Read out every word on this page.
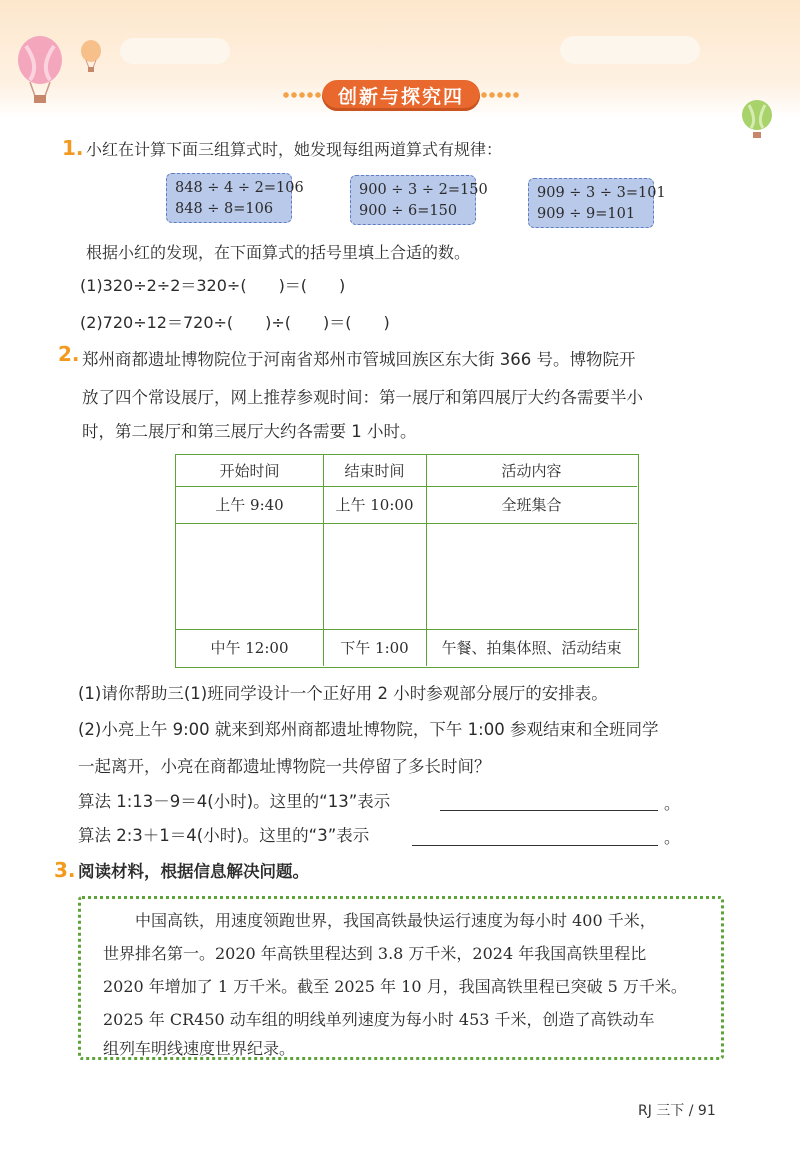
创新与探究四
1. 小红在计算下面三组算式时，她发现每组两道算式有规律：
848 ÷ 4 ÷ 2=106
848 ÷ 8=106
900 ÷ 3 ÷ 2=150
900 ÷ 6=150
909 ÷ 3 ÷ 3=101
909 ÷ 9=101
根据小红的发现，在下面算式的括号里填上合适的数。
(1)320÷2÷2＝320÷(　　)＝(　　)
(2)720÷12＝720÷(　　)÷(　　)＝(　　)
2. 郑州商都遗址博物院位于河南省郑州市管城回族区东大街 366 号。博物院开
放了四个常设展厅，网上推荐参观时间：第一展厅和第四展厅大约各需要半小
时，第二展厅和第三展厅大约各需要 1 小时。
开始时间	结束时间	活动内容
上午 9:40	上午 10:00	全班集合
中午 12:00	下午 1:00	午餐、拍集体照、活动结束
(1)请你帮助三(1)班同学设计一个正好用 2 小时参观部分展厅的安排表。
(2)小亮上午 9:00 就来到郑州商都遗址博物院，下午 1:00 参观结束和全班同学
一起离开，小亮在商都遗址博物院一共停留了多长时间？
算法 1:13－9＝4(小时)。这里的“13”表示	。
算法 2:3＋1＝4(小时)。这里的“3”表示	。
3. 阅读材料，根据信息解决问题。
　　中国高铁，用速度领跑世界，我国高铁最快运行速度为每小时 400 千米，
世界排名第一。2020 年高铁里程达到 3.8 万千米，2024 年我国高铁里程比
2020 年增加了 1 万千米。截至 2025 年 10 月，我国高铁里程已突破 5 万千米。
2025 年 CR450 动车组的明线单列速度为每小时 453 千米，创造了高铁动车
组列车明线速度世界纪录。
RJ 三下 / 91
